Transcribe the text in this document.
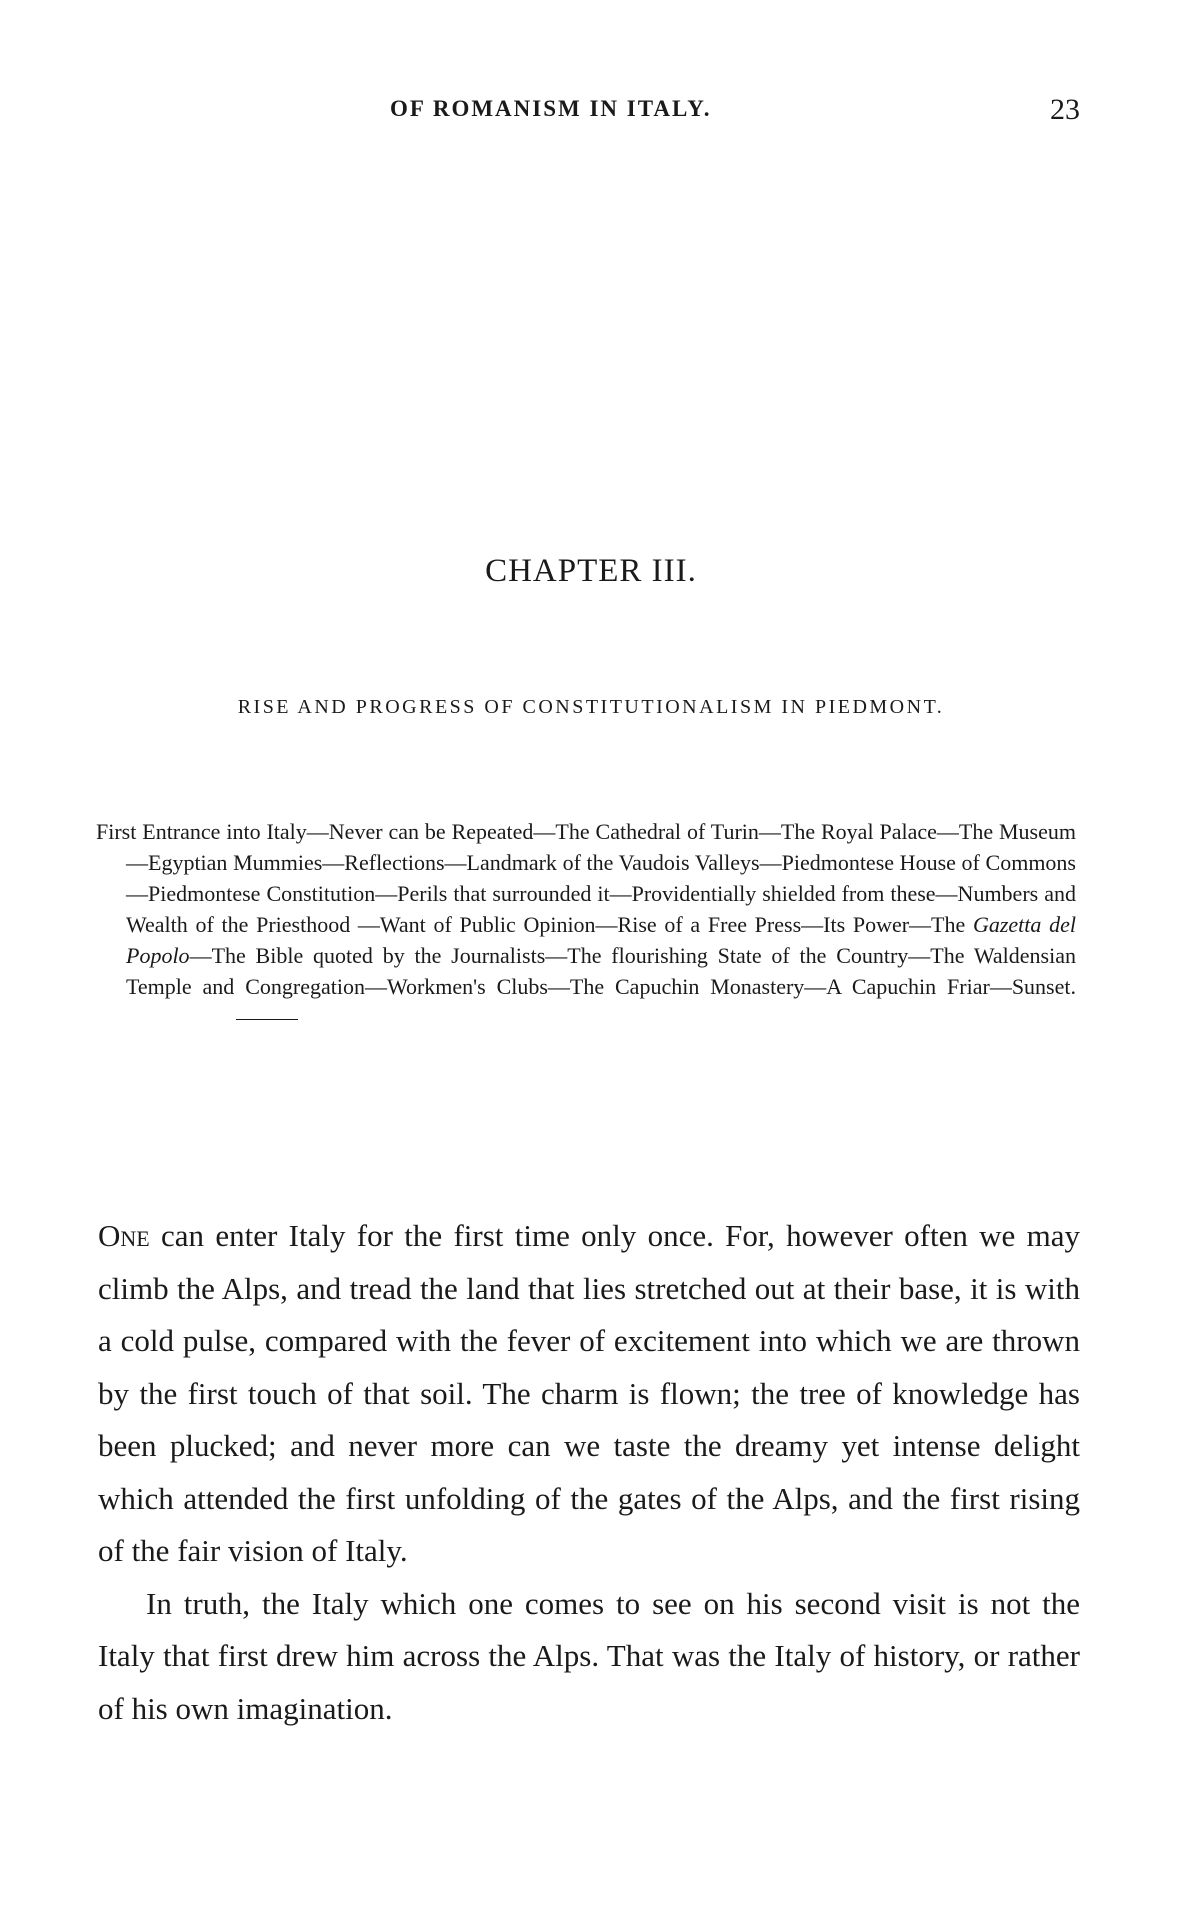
OF ROMANISM IN ITALY.	23
CHAPTER III.
RISE AND PROGRESS OF CONSTITUTIONALISM IN PIEDMONT.

First Entrance into Italy—Never can be Repeated—The Cathedral of Turin—The Royal Palace—The Museum—Egyptian Mummies—Reflections—Landmark of the Vaudois Valleys—Piedmontese House of Commons—Piedmontese Constitution—Perils that surrounded it—Providentially shielded from these—Numbers and Wealth of the Priesthood —Want of Public Opinion—Rise of a Free Press—Its Power—The Gazetta del Popolo—The Bible quoted by the Journalists—The flourishing State of the Country—The Waldensian Temple and Congregation—Workmen's Clubs—The Capuchin Monastery—A Capuchin Friar—Sunset.

One can enter Italy for the first time only once. For, however often we may climb the Alps, and tread the land that lies stretched out at their base, it is with a cold pulse, compared with the fever of excitement into which we are thrown by the first touch of that soil. The charm is flown; the tree of knowledge has been plucked; and never more can we taste the dreamy yet intense delight which attended the first unfolding of the gates of the Alps, and the first rising of the fair vision of Italy.

In truth, the Italy which one comes to see on his second visit is not the Italy that first drew him across the Alps. That was the Italy of history, or rather of his own imagination.
